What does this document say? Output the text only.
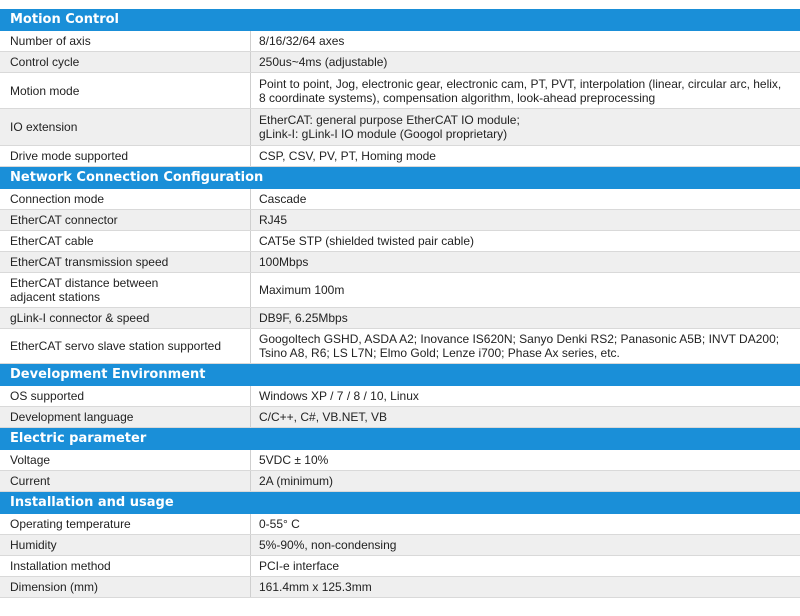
Motion Control
Number of axis	8/16/32/64 axes
Control cycle	250us~4ms (adjustable)
Motion mode	Point to point, Jog, electronic gear, electronic cam, PT, PVT, interpolation (linear, circular arc, helix, 8 coordinate systems), compensation algorithm, look-ahead preprocessing
IO extension	EtherCAT: general purpose EtherCAT IO module;
gLink-I: gLink-I IO module (Googol proprietary)
Drive mode supported	CSP, CSV, PV, PT, Homing mode
Network Connection Configuration
Connection mode	Cascade
EtherCAT connector	RJ45
EtherCAT cable	CAT5e STP (shielded twisted pair cable)
EtherCAT transmission speed	100Mbps
EtherCAT distance between
adjacent stations	Maximum 100m
gLink-I connector & speed	DB9F, 6.25Mbps
EtherCAT servo slave station supported	Googoltech GSHD, ASDA A2; Inovance IS620N; Sanyo Denki RS2; Panasonic A5B; INVT DA200; Tsino A8, R6; LS L7N; Elmo Gold; Lenze i700; Phase Ax series, etc.
Development Environment
OS supported	Windows XP / 7 / 8 / 10, Linux
Development language	C/C++, C#, VB.NET, VB
Electric parameter
Voltage	5VDC ± 10%
Current	2A (minimum)
Installation and usage
Operating temperature	0-55° C
Humidity	5%-90%, non-condensing
Installation method	PCI-e interface
Dimension (mm)	161.4mm x 125.3mm
